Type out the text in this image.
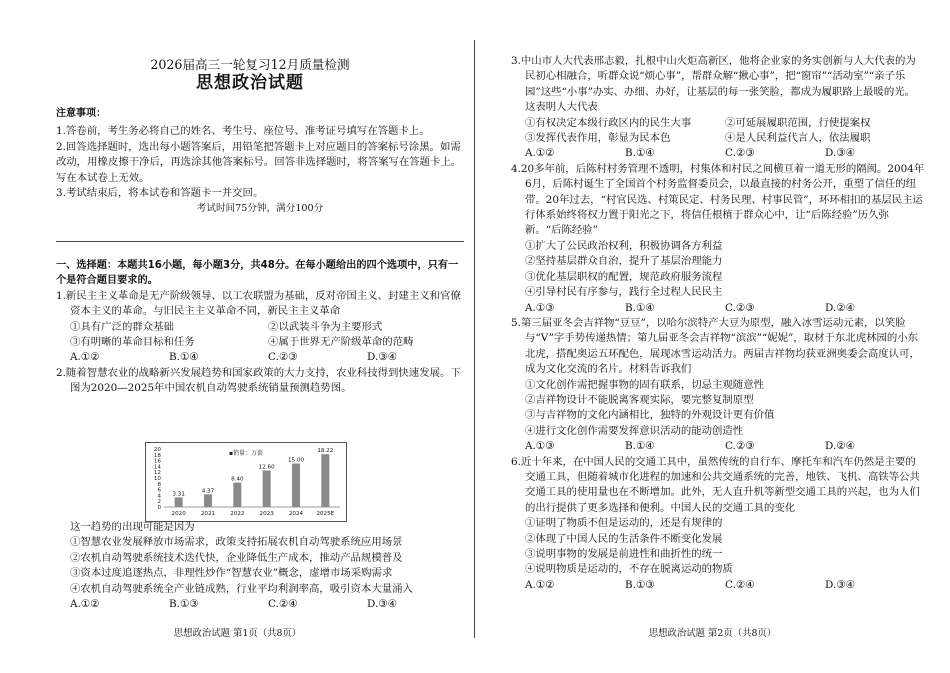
2026届高三一轮复习12月质量检测
思想政治试题
注意事项：
1.答卷前，考生务必将自己的姓名、考生号、座位号、准考证号填写在答题卡上。
2.回答选择题时，选出每小题答案后，用铅笔把答题卡上对应题目的答案标号涂黑。如需改动，用橡皮擦干净后，再选涂其他答案标号。回答非选择题时，将答案写在答题卡上。写在本试卷上无效。
3.考试结束后，将本试卷和答题卡一并交回。
考试时间75分钟，满分100分
一、选择题：本题共16小题，每小题3分，共48分。在每小题给出的四个选项中，只有一个是符合题目要求的。
1.新民主主义革命是无产阶级领导、以工农联盟为基础，反对帝国主义、封建主义和官僚资本主义的革命。与旧民主主义革命不同，新民主主义革命
①具有广泛的群众基础	②以武装斗争为主要形式
③有明晰的革命目标和任务	④属于世界无产阶级革命的范畴
A.①②	B.①④	C.②③	D.③④
2.随着智慧农业的战略新兴发展趋势和国家政策的大力支持，农业科技得到快速发展。下图为2020—2025年中国农机自动驾驶系统销量预测趋势图。
0
2
4
6
8
10
12
14
16
18
20	▪销量：万套
3.31
2020
4.37
2021
8.40
2022
12.60
2023
15.00
2024
18.22
2025E
这一趋势的出现可能是因为
①智慧农业发展释放市场需求，政策支持拓展农机自动驾驶系统应用场景
②农机自动驾驶系统技术迭代快，企业降低生产成本，推动产品规模普及
③资本过度追逐热点，非理性炒作“智慧农业”概念，虚增市场采购需求
④农机自动驾驶系统全产业链成熟，行业平均利润率高，吸引资本大量涌入
A.①②	B.①③	C.②④	D.③④
思想政治试题 第1页（共8页）
3.中山市人大代表邢志毅，扎根中山火炬高新区，他将企业家的务实创新与人大代表的为民初心相融合，听群众说“烦心事”，帮群众解“揪心事”，把“窗帘”“活动室”“亲子乐园”这些“小事”办实、办细、办好，让基层的每一张笑脸，都成为履职路上最暖的光。这表明人大代表
①有权决定本级行政区内的民生大事	②可延展履职范围，行使提案权
③发挥代表作用，彰显为民本色	④是人民利益代言人，依法履职
A.①②	B.①④	C.②③	D.③④
4.20多年前，后陈村村务管理不透明，村集体和村民之间横亘着一道无形的隔阂。2004年6月，后陈村诞生了全国首个村务监督委员会，以最直接的村务公开，重塑了信任的纽带。20年过去，“村官民选、村策民定、村务民理、村事民管”，环环相扣的基层民主运行体系始终将权力置于阳光之下，将信任根植于群众心中，让“后陈经验”历久弥新。“后陈经验”
①扩大了公民政治权利，积极协调各方利益
②坚持基层群众自治，提升了基层治理能力
③优化基层职权的配置，规范政府服务流程
④引导村民有序参与，践行全过程人民民主
A.①③	B.①④	C.②③	D.②④
5.第三届亚冬会吉祥物“豆豆”，以哈尔滨特产大豆为原型，融入冰雪运动元素，以笑脸与“V”字手势传递热情；第九届亚冬会吉祥物“滨滨”“妮妮”，取材于东北虎林园的小东北虎，搭配奥运五环配色，展现冰雪运动活力。两届吉祥物均获亚洲奥委会高度认可，成为文化交流的名片。材料告诉我们
①文化创作需把握事物的固有联系，切忌主观随意性
②吉祥物设计不能脱离客观实际，要完整复制原型
③与吉祥物的文化内涵相比，独特的外观设计更有价值
④进行文化创作需要发挥意识活动的能动创造性
A.①③	B.①④	C.②③	D.②④
6.近十年来，在中国人民的交通工具中，虽然传统的自行车、摩托车和汽车仍然是主要的交通工具，但随着城市化进程的加速和公共交通系统的完善，地铁、飞机、高铁等公共交通工具的使用量也在不断增加。此外，无人直升机等新型交通工具的兴起，也为人们的出行提供了更多选择和便利。中国人民的交通工具的变化
①证明了物质不但是运动的，还是有规律的
②体现了中国人民的生活条件不断变化发展
③说明事物的发展是前进性和曲折性的统一
④说明物质是运动的，不存在脱离运动的物质
A.①②	B.①③	C.②④	D.③④
思想政治试题 第2页（共8页）
